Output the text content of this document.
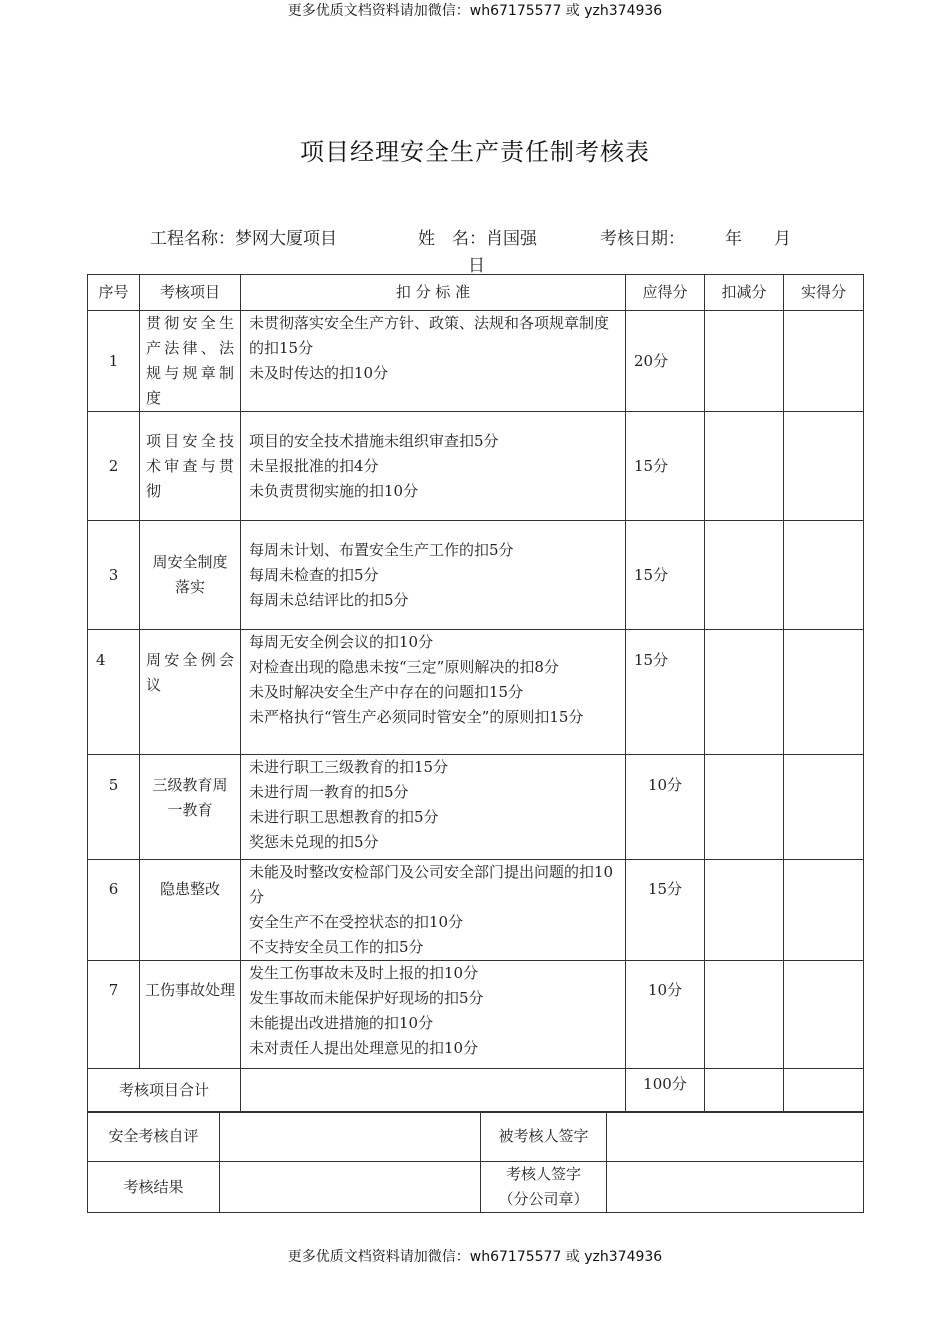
更多优质文档资料请加微信：wh67175577 或 yzh374936
项目经理安全生产责任制考核表
工程名称：梦网大厦项目	姓　名：肖国强	考核日期： 年 月
日
序号	考核项目	扣 分 标 准	应得分	扣减分	实得分
1	贯彻安全生产法律、法规与规章制度	未贯彻落实安全生产方针、政策、法规和各项规章制度的扣15分
未及时传达的扣10分	20分		
2	项目安全技术审查与贯彻	项目的安全技术措施未组织审查扣5分
未呈报批准的扣4分
未负责贯彻实施的扣10分	15分		
3	周安全制度落实	每周未计划、布置安全生产工作的扣5分
每周未检查的扣5分
每周未总结评比的扣5分	15分		
4	周安全例会议	每周无安全例会议的扣10分
对检查出现的隐患未按“三定”原则解决的扣8分
未及时解决安全生产中存在的问题扣15分
未严格执行“管生产必须同时管安全”的原则扣15分	15分		
5	三级教育周一教育	未进行职工三级教育的扣15分
未进行周一教育的扣5分
未进行职工思想教育的扣5分
奖惩未兑现的扣5分	10分		
6	隐患整改	未能及时整改安检部门及公司安全部门提出问题的扣10分
安全生产不在受控状态的扣10分
不支持安全员工作的扣5分	15分		
7	工伤事故处理	发生工伤事故未及时上报的扣10分
发生事故而未能保护好现场的扣5分
未能提出改进措施的扣10分
未对责任人提出处理意见的扣10分	10分		
考核项目合计			100分		
安全考核自评		被考核人签字	
考核结果		考核人签字
（分公司章）	

更多优质文档资料请加微信：wh67175577 或 yzh374936
